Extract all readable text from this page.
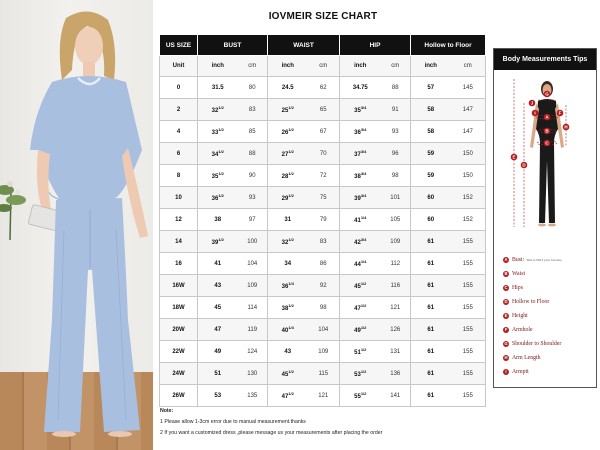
IOVMEIR SIZE CHART
US SIZE	BUST		WAIST		HIP		Hollow to Floor	
Unit	inch	cm	inch	cm	inch	cm	inch	cm
0	31.5	80	24.5	62	34.75	88	57	145
2	$32^{1/2}$	83	$25^{1/2}$	65	$35^{3/4}$	91	58	147
4	$33^{1/2}$	85	$26^{1/2}$	67	$36^{3/4}$	93	58	147
6	$34^{1/2}$	88	$27^{1/2}$	70	$37^{3/4}$	96	59	150
8	$35^{1/2}$	90	$28^{1/2}$	72	$38^{3/4}$	98	59	150
10	$36^{1/2}$	93	$29^{1/2}$	75	$39^{3/4}$	101	60	152
12	38	97	31	79	$41^{1/4}$	105	60	152
14	$39^{1/2}$	100	$32^{1/2}$	83	$42^{3/4}$	109	61	155
16	41	104	34	86	$44^{1/4}$	112	61	155
16W	43	109	$36^{1/4}$	92	$45^{1/2}$	116	61	155
18W	45	114	$38^{1/2}$	98	$47^{1/2}$	121	61	155
20W	47	119	$40^{1/4}$	104	$49^{1/2}$	126	61	155
22W	49	124	43	109	$51^{1/2}$	131	61	155
24W	51	130	$45^{1/2}$	115	$53^{1/2}$	136	61	155
26W	53	135	$47^{1/2}$	121	$55^{1/2}$	141	61	155
Note:
1 Please allow 1-3cm error due to manual measurement.thanks
2 If you want a customized dress ,please message us your measurements after placing the order
Body Measurements Tips
G
I	F
A
B
C
H
D
E
J
A Bust: This is NOT your bra size
B Waist
C Hips
D Hollow to Floor
E Height
F Armhole
G Shoulder to Shoulder
H Arm Length
I Armpit
